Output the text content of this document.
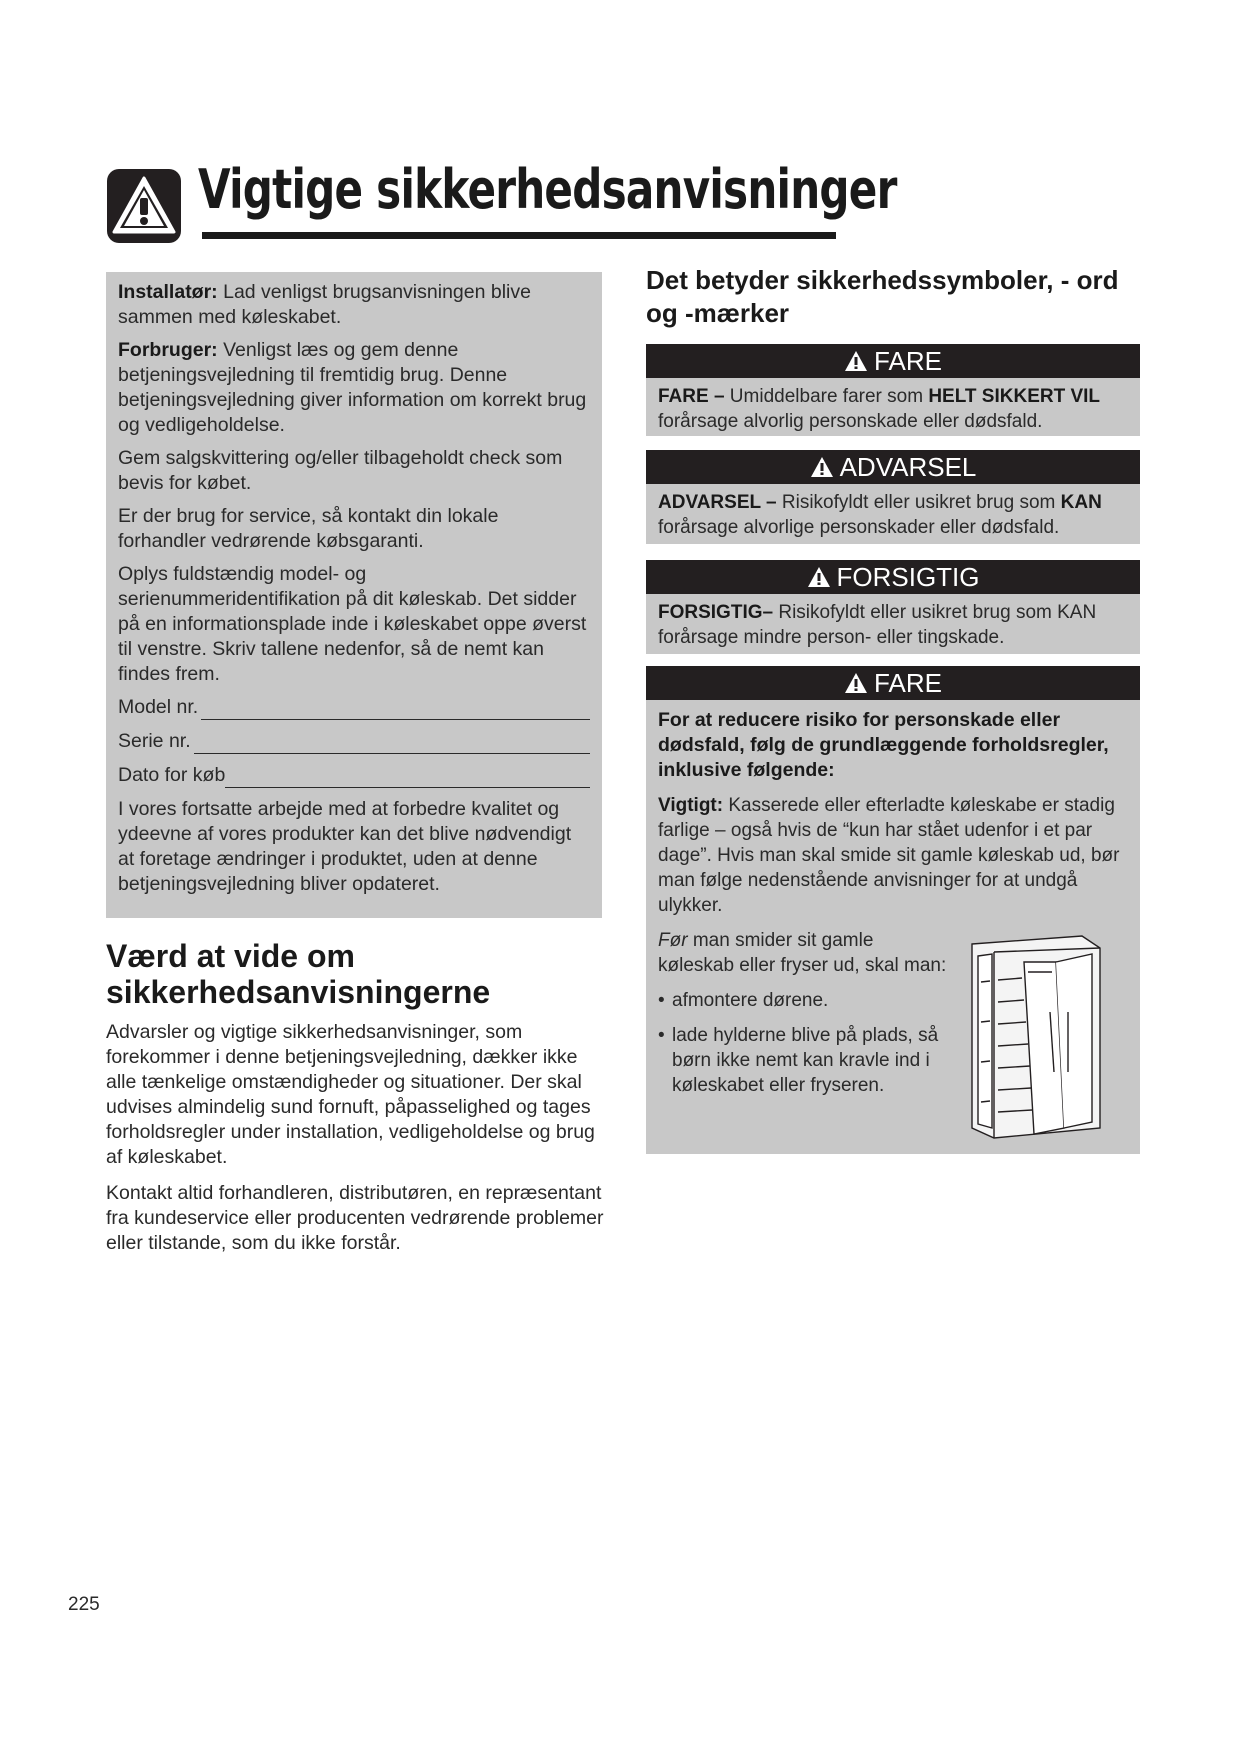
Vigtige sikkerhedsanvisninger

Installatør: Lad venligst brugsanvisningen blive sammen med køleskabet.

Forbruger: Venligst læs og gem denne betjeningsvejledning til fremtidig brug. Denne betjeningsvejledning giver information om korrekt brug og vedligeholdelse.

Gem salgskvittering og/eller tilbageholdt check som bevis for købet.

Er der brug for service, så kontakt din lokale forhandler vedrørende købsgaranti.

Oplys fuldstændig model- og serienummeridentifikation på dit køleskab. Det sidder på en informationsplade inde i køleskabet oppe øverst til venstre. Skriv tallene nedenfor, så de nemt kan findes frem.

Model nr.
Serie nr.
Dato for køb

I vores fortsatte arbejde med at forbedre kvalitet og ydeevne af vores produkter kan det blive nødvendigt at foretage ændringer i produktet, uden at denne betjeningsvejledning bliver opdateret.

Værd at vide om sikkerhedsanvisningerne

Advarsler og vigtige sikkerhedsanvisninger, som forekommer i denne betjeningsvejledning, dækker ikke alle tænkelige omstændigheder og situationer. Der skal udvises almindelig sund fornuft, påpasselighed og tages forholdsregler under installation, vedligeholdelse og brug af køleskabet.

Kontakt altid forhandleren, distributøren, en repræsentant fra kundeservice eller producenten vedrørende problemer eller tilstande, som du ikke forstår.

Det betyder sikkerhedssymboler, - ord og -mærker
FARE
FARE – Umiddelbare farer som HELT SIKKERT VIL forårsage alvorlig personskade eller dødsfald.
ADVARSEL
ADVARSEL – Risikofyldt eller usikret brug som KAN forårsage alvorlige personskader eller dødsfald.
FORSIGTIG
FORSIGTIG– Risikofyldt eller usikret brug som KAN forårsage mindre person- eller tingskade.
FARE
For at reducere risiko for personskade eller dødsfald, følg de grundlæggende forholdsregler, inklusive følgende:

Vigtigt: Kasserede eller efterladte køleskabe er stadig farlige – også hvis de “kun har stået udenfor i et par dage”. Hvis man skal smide sit gamle køleskab ud, bør man følge nedenstående anvisninger for at undgå ulykker.

Før man smider sit gamle køleskab eller fryser ud, skal man:

• afmontere dørene.
• lade hylderne blive på plads, så børn ikke nemt kan kravle ind i køleskabet eller fryseren.
225
